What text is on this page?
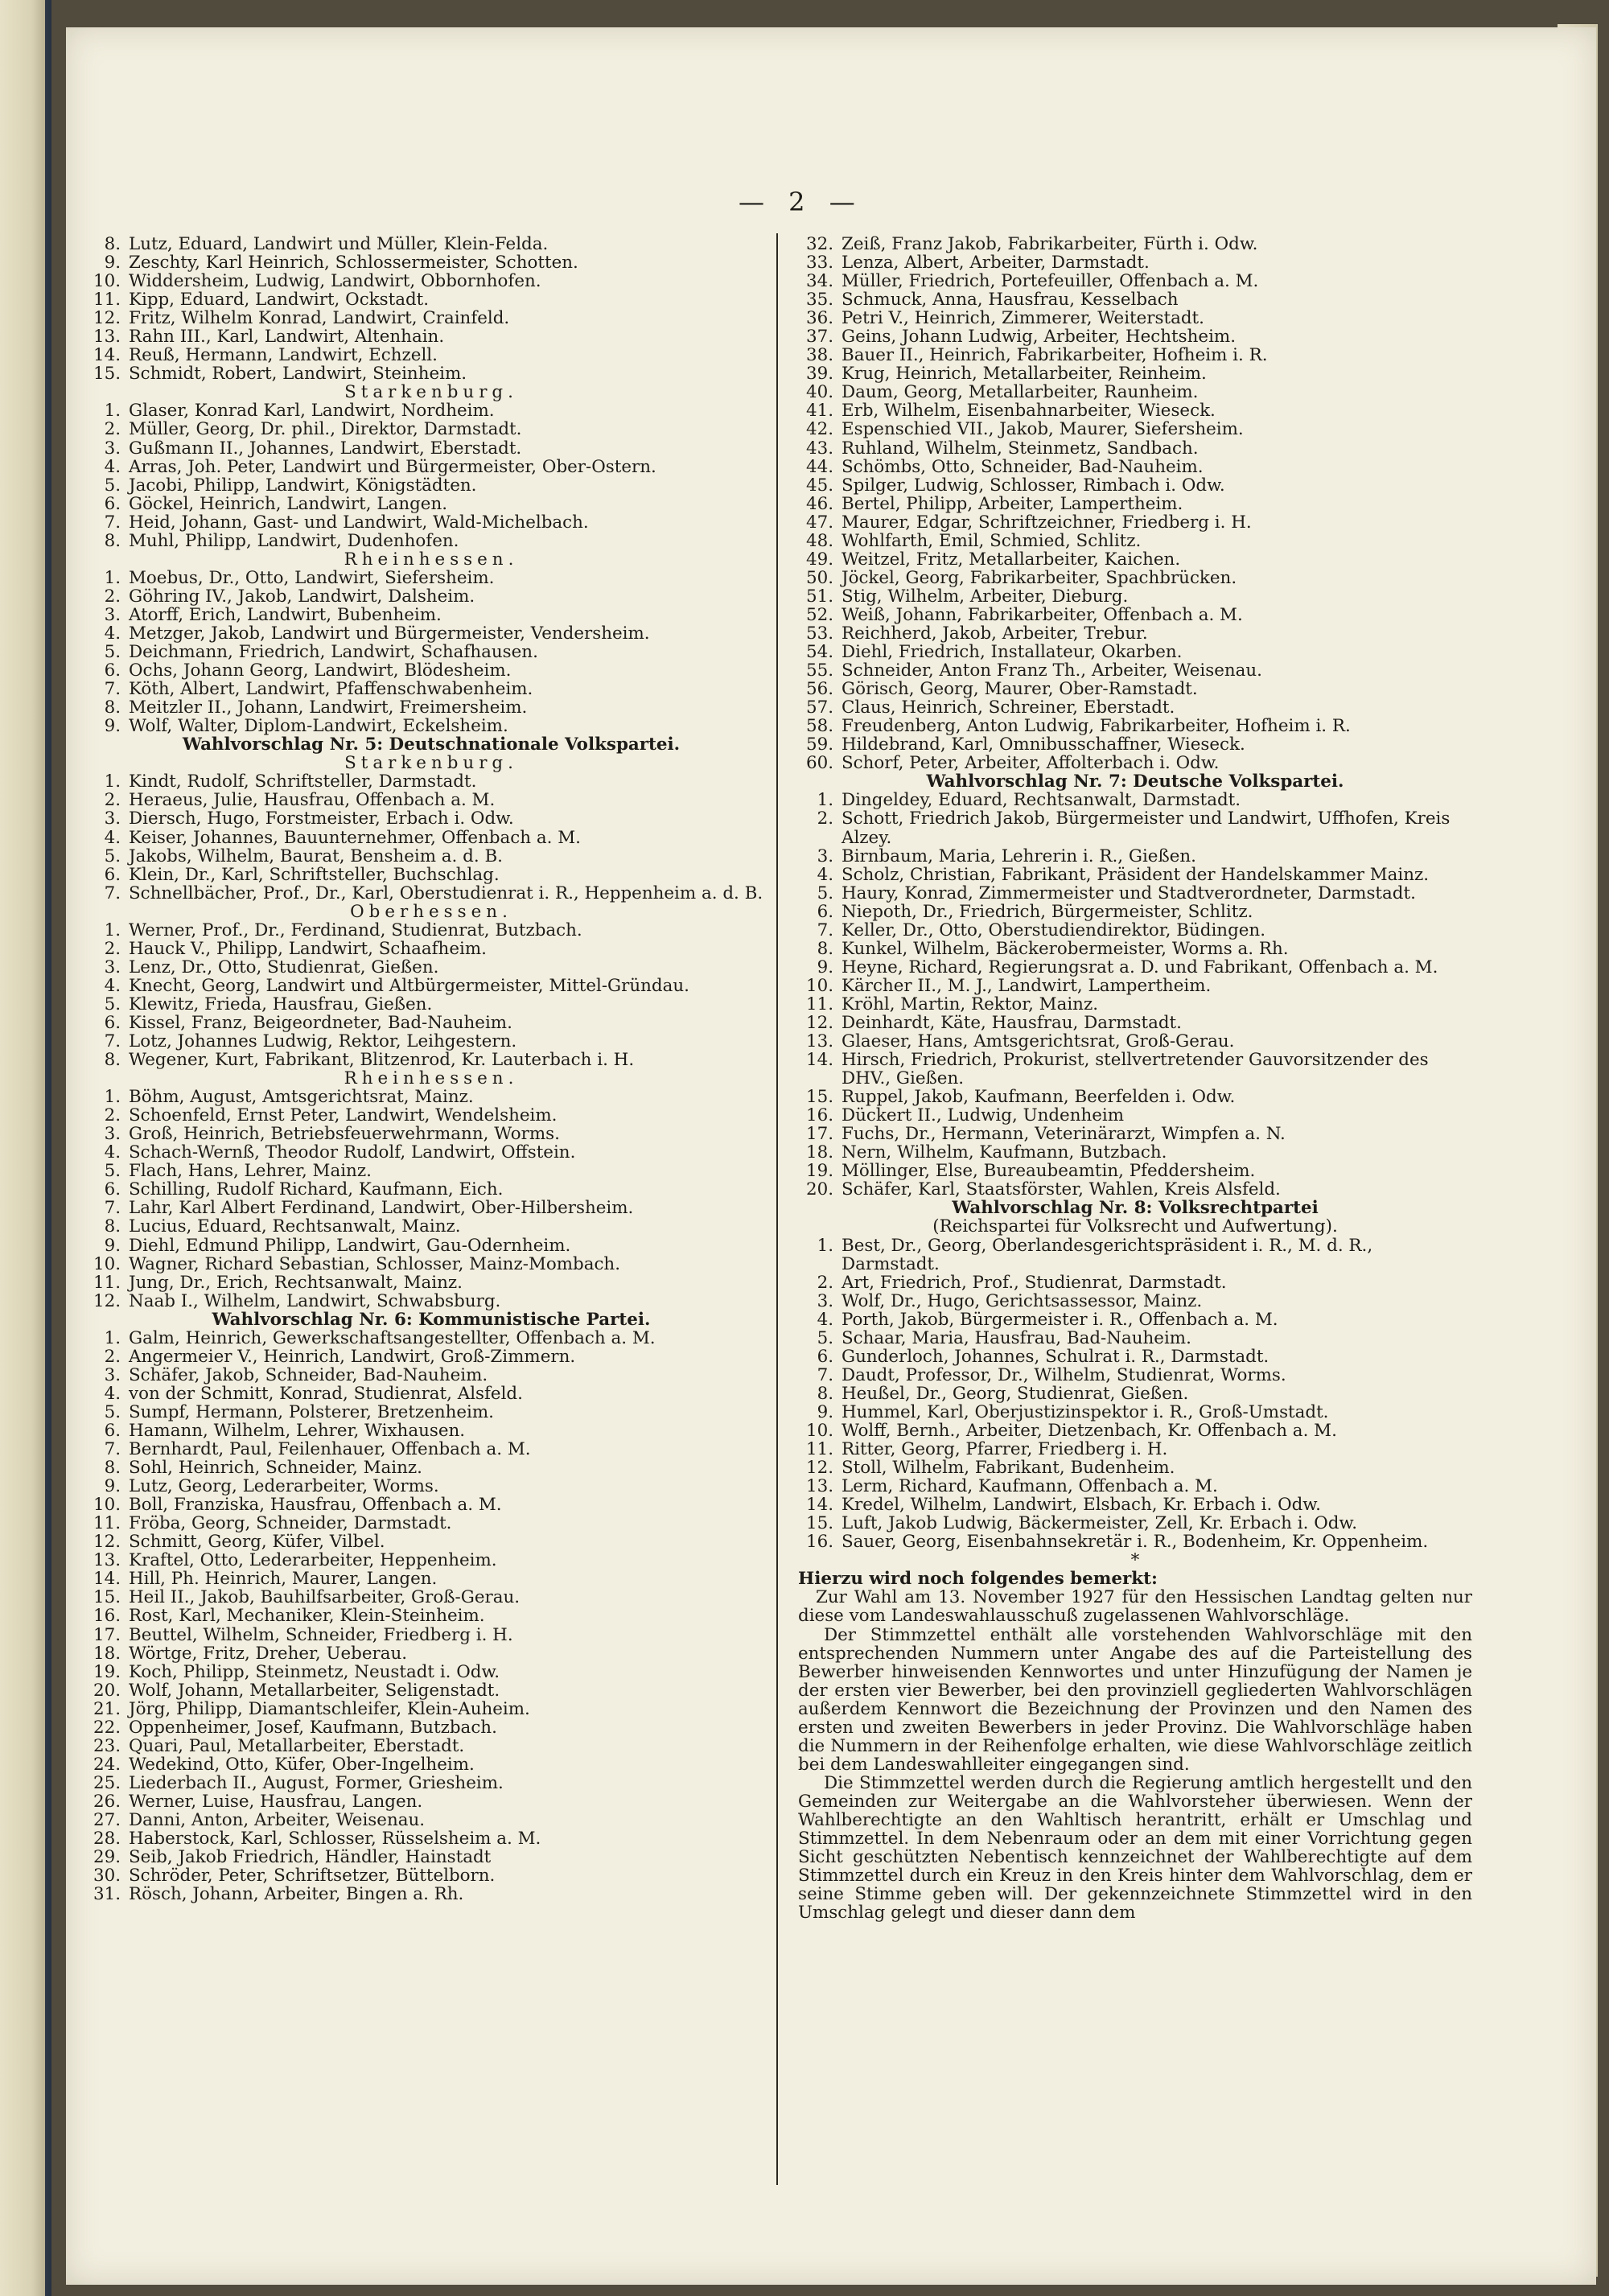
— 2 —
8. Lutz, Eduard, Landwirt und Müller, Klein-Felda.
9. Zeschty, Karl Heinrich, Schlossermeister, Schotten.
10. Widdersheim, Ludwig, Landwirt, Obbornhofen.
11. Kipp, Eduard, Landwirt, Ockstadt.
12. Fritz, Wilhelm Konrad, Landwirt, Crainfeld.
13. Rahn III., Karl, Landwirt, Altenhain.
14. Reuß, Hermann, Landwirt, Echzell.
15. Schmidt, Robert, Landwirt, Steinheim.
Starkenburg.
1. Glaser, Konrad Karl, Landwirt, Nordheim.
2. Müller, Georg, Dr. phil., Direktor, Darmstadt.
3. Gußmann II., Johannes, Landwirt, Eberstadt.
4. Arras, Joh. Peter, Landwirt und Bürgermeister, Ober-Ostern.
5. Jacobi, Philipp, Landwirt, Königstädten.
6. Göckel, Heinrich, Landwirt, Langen.
7. Heid, Johann, Gast- und Landwirt, Wald-Michelbach.
8. Muhl, Philipp, Landwirt, Dudenhofen.
Rheinhessen.
1. Moebus, Dr., Otto, Landwirt, Siefersheim.
2. Göhring IV., Jakob, Landwirt, Dalsheim.
3. Atorff, Erich, Landwirt, Bubenheim.
4. Metzger, Jakob, Landwirt und Bürgermeister, Vendersheim.
5. Deichmann, Friedrich, Landwirt, Schafhausen.
6. Ochs, Johann Georg, Landwirt, Blödesheim.
7. Köth, Albert, Landwirt, Pfaffenschwabenheim.
8. Meitzler II., Johann, Landwirt, Freimersheim.
9. Wolf, Walter, Diplom-Landwirt, Eckelsheim.
Wahlvorschlag Nr. 5: Deutschnationale Volkspartei.
Starkenburg.
1. Kindt, Rudolf, Schriftsteller, Darmstadt.
2. Heraeus, Julie, Hausfrau, Offenbach a. M.
3. Diersch, Hugo, Forstmeister, Erbach i. Odw.
4. Keiser, Johannes, Bauunternehmer, Offenbach a. M.
5. Jakobs, Wilhelm, Baurat, Bensheim a. d. B.
6. Klein, Dr., Karl, Schriftsteller, Buchschlag.
7. Schnellbächer, Prof., Dr., Karl, Oberstudienrat i. R., Heppenheim a. d. B.
Oberhessen.
1. Werner, Prof., Dr., Ferdinand, Studienrat, Butzbach.
2. Hauck V., Philipp, Landwirt, Schaafheim.
3. Lenz, Dr., Otto, Studienrat, Gießen.
4. Knecht, Georg, Landwirt und Altbürgermeister, Mittel-Gründau.
5. Klewitz, Frieda, Hausfrau, Gießen.
6. Kissel, Franz, Beigeordneter, Bad-Nauheim.
7. Lotz, Johannes Ludwig, Rektor, Leihgestern.
8. Wegener, Kurt, Fabrikant, Blitzenrod, Kr. Lauterbach i. H.
Rheinhessen.
1. Böhm, August, Amtsgerichtsrat, Mainz.
2. Schoenfeld, Ernst Peter, Landwirt, Wendelsheim.
3. Groß, Heinrich, Betriebsfeuerwehrmann, Worms.
4. Schach-Wernß, Theodor Rudolf, Landwirt, Offstein.
5. Flach, Hans, Lehrer, Mainz.
6. Schilling, Rudolf Richard, Kaufmann, Eich.
7. Lahr, Karl Albert Ferdinand, Landwirt, Ober-Hilbersheim.
8. Lucius, Eduard, Rechtsanwalt, Mainz.
9. Diehl, Edmund Philipp, Landwirt, Gau-Odernheim.
10. Wagner, Richard Sebastian, Schlosser, Mainz-Mombach.
11. Jung, Dr., Erich, Rechtsanwalt, Mainz.
12. Naab I., Wilhelm, Landwirt, Schwabsburg.
Wahlvorschlag Nr. 6: Kommunistische Partei.
1. Galm, Heinrich, Gewerkschaftsangestellter, Offenbach a. M.
2. Angermeier V., Heinrich, Landwirt, Groß-Zimmern.
3. Schäfer, Jakob, Schneider, Bad-Nauheim.
4. von der Schmitt, Konrad, Studienrat, Alsfeld.
5. Sumpf, Hermann, Polsterer, Bretzenheim.
6. Hamann, Wilhelm, Lehrer, Wixhausen.
7. Bernhardt, Paul, Feilenhauer, Offenbach a. M.
8. Sohl, Heinrich, Schneider, Mainz.
9. Lutz, Georg, Lederarbeiter, Worms.
10. Boll, Franziska, Hausfrau, Offenbach a. M.
11. Fröba, Georg, Schneider, Darmstadt.
12. Schmitt, Georg, Küfer, Vilbel.
13. Kraftel, Otto, Lederarbeiter, Heppenheim.
14. Hill, Ph. Heinrich, Maurer, Langen.
15. Heil II., Jakob, Bauhilfsarbeiter, Groß-Gerau.
16. Rost, Karl, Mechaniker, Klein-Steinheim.
17. Beuttel, Wilhelm, Schneider, Friedberg i. H.
18. Wörtge, Fritz, Dreher, Ueberau.
19. Koch, Philipp, Steinmetz, Neustadt i. Odw.
20. Wolf, Johann, Metallarbeiter, Seligenstadt.
21. Jörg, Philipp, Diamantschleifer, Klein-Auheim.
22. Oppenheimer, Josef, Kaufmann, Butzbach.
23. Quari, Paul, Metallarbeiter, Eberstadt.
24. Wedekind, Otto, Küfer, Ober-Ingelheim.
25. Liederbach II., August, Former, Griesheim.
26. Werner, Luise, Hausfrau, Langen.
27. Danni, Anton, Arbeiter, Weisenau.
28. Haberstock, Karl, Schlosser, Rüsselsheim a. M.
29. Seib, Jakob Friedrich, Händler, Hainstadt
30. Schröder, Peter, Schriftsetzer, Büttelborn.
31. Rösch, Johann, Arbeiter, Bingen a. Rh.
32. Zeiß, Franz Jakob, Fabrikarbeiter, Fürth i. Odw.
33. Lenza, Albert, Arbeiter, Darmstadt.
34. Müller, Friedrich, Portefeuiller, Offenbach a. M.
35. Schmuck, Anna, Hausfrau, Kesselbach
36. Petri V., Heinrich, Zimmerer, Weiterstadt.
37. Geins, Johann Ludwig, Arbeiter, Hechtsheim.
38. Bauer II., Heinrich, Fabrikarbeiter, Hofheim i. R.
39. Krug, Heinrich, Metallarbeiter, Reinheim.
40. Daum, Georg, Metallarbeiter, Raunheim.
41. Erb, Wilhelm, Eisenbahnarbeiter, Wieseck.
42. Espenschied VII., Jakob, Maurer, Siefersheim.
43. Ruhland, Wilhelm, Steinmetz, Sandbach.
44. Schömbs, Otto, Schneider, Bad-Nauheim.
45. Spilger, Ludwig, Schlosser, Rimbach i. Odw.
46. Bertel, Philipp, Arbeiter, Lampertheim.
47. Maurer, Edgar, Schriftzeichner, Friedberg i. H.
48. Wohlfarth, Emil, Schmied, Schlitz.
49. Weitzel, Fritz, Metallarbeiter, Kaichen.
50. Jöckel, Georg, Fabrikarbeiter, Spachbrücken.
51. Stig, Wilhelm, Arbeiter, Dieburg.
52. Weiß, Johann, Fabrikarbeiter, Offenbach a. M.
53. Reichherd, Jakob, Arbeiter, Trebur.
54. Diehl, Friedrich, Installateur, Okarben.
55. Schneider, Anton Franz Th., Arbeiter, Weisenau.
56. Görisch, Georg, Maurer, Ober-Ramstadt.
57. Claus, Heinrich, Schreiner, Eberstadt.
58. Freudenberg, Anton Ludwig, Fabrikarbeiter, Hofheim i. R.
59. Hildebrand, Karl, Omnibusschaffner, Wieseck.
60. Schorf, Peter, Arbeiter, Affolterbach i. Odw.
Wahlvorschlag Nr. 7: Deutsche Volkspartei.
1. Dingeldey, Eduard, Rechtsanwalt, Darmstadt.
2. Schott, Friedrich Jakob, Bürgermeister und Landwirt, Uffhofen, Kreis Alzey.
3. Birnbaum, Maria, Lehrerin i. R., Gießen.
4. Scholz, Christian, Fabrikant, Präsident der Handelskammer Mainz.
5. Haury, Konrad, Zimmermeister und Stadtverordneter, Darmstadt.
6. Niepoth, Dr., Friedrich, Bürgermeister, Schlitz.
7. Keller, Dr., Otto, Oberstudiendirektor, Büdingen.
8. Kunkel, Wilhelm, Bäckerobermeister, Worms a. Rh.
9. Heyne, Richard, Regierungsrat a. D. und Fabrikant, Offenbach a. M.
10. Kärcher II., M. J., Landwirt, Lampertheim.
11. Kröhl, Martin, Rektor, Mainz.
12. Deinhardt, Käte, Hausfrau, Darmstadt.
13. Glaeser, Hans, Amtsgerichtsrat, Groß-Gerau.
14. Hirsch, Friedrich, Prokurist, stellvertretender Gauvorsitzender des DHV., Gießen.
15. Ruppel, Jakob, Kaufmann, Beerfelden i. Odw.
16. Dückert II., Ludwig, Undenheim
17. Fuchs, Dr., Hermann, Veterinärarzt, Wimpfen a. N.
18. Nern, Wilhelm, Kaufmann, Butzbach.
19. Möllinger, Else, Bureaubeamtin, Pfeddersheim.
20. Schäfer, Karl, Staatsförster, Wahlen, Kreis Alsfeld.
Wahlvorschlag Nr. 8: Volksrechtpartei
(Reichspartei für Volksrecht und Aufwertung).
1. Best, Dr., Georg, Oberlandesgerichtspräsident i. R., M. d. R., Darmstadt.
2. Art, Friedrich, Prof., Studienrat, Darmstadt.
3. Wolf, Dr., Hugo, Gerichtsassessor, Mainz.
4. Porth, Jakob, Bürgermeister i. R., Offenbach a. M.
5. Schaar, Maria, Hausfrau, Bad-Nauheim.
6. Gunderloch, Johannes, Schulrat i. R., Darmstadt.
7. Daudt, Professor, Dr., Wilhelm, Studienrat, Worms.
8. Heußel, Dr., Georg, Studienrat, Gießen.
9. Hummel, Karl, Oberjustizinspektor i. R., Groß-Umstadt.
10. Wolff, Bernh., Arbeiter, Dietzenbach, Kr. Offenbach a. M.
11. Ritter, Georg, Pfarrer, Friedberg i. H.
12. Stoll, Wilhelm, Fabrikant, Budenheim.
13. Lerm, Richard, Kaufmann, Offenbach a. M.
14. Kredel, Wilhelm, Landwirt, Elsbach, Kr. Erbach i. Odw.
15. Luft, Jakob Ludwig, Bäckermeister, Zell, Kr. Erbach i. Odw.
16. Sauer, Georg, Eisenbahnsekretär i. R., Bodenheim, Kr. Oppenheim.
*
Hierzu wird noch folgendes bemerkt:
Zur Wahl am 13. November 1927 für den Hessischen Landtag gelten nur diese vom Landeswahlausschuß zugelassenen Wahlvorschläge.
Der Stimmzettel enthält alle vorstehenden Wahlvorschläge mit den entsprechenden Nummern unter Angabe des auf die Parteistellung des Bewerber hinweisenden Kennwortes und unter Hinzufügung der Namen je der ersten vier Bewerber, bei den provinziell gegliederten Wahlvorschlägen außerdem Kennwort die Bezeichnung der Provinzen und den Namen des ersten und zweiten Bewerbers in jeder Provinz. Die Wahlvorschläge haben die Nummern in der Reihenfolge erhalten, wie diese Wahlvorschläge zeitlich bei dem Landeswahlleiter eingegangen sind.
Die Stimmzettel werden durch die Regierung amtlich hergestellt und den Gemeinden zur Weitergabe an die Wahlvorsteher überwiesen. Wenn der Wahlberechtigte an den Wahltisch herantritt, erhält er Umschlag und Stimmzettel. In dem Nebenraum oder an dem mit einer Vorrichtung gegen Sicht geschützten Nebentisch kennzeichnet der Wahlberechtigte auf dem Stimmzettel durch ein Kreuz in den Kreis hinter dem Wahlvorschlag, dem er seine Stimme geben will. Der gekennzeichnete Stimmzettel wird in den Umschlag gelegt und dieser dann dem
